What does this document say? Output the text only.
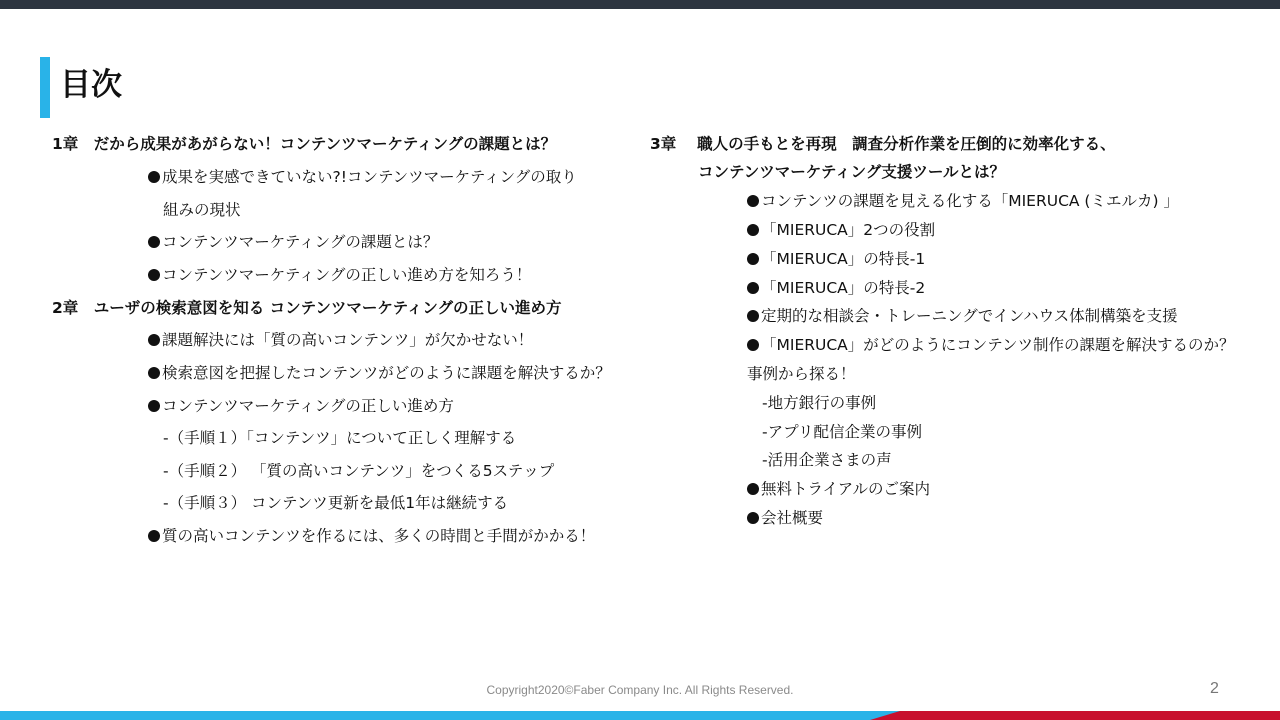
目次
1章　だから成果があがらない！コンテンツマーケティングの課題とは？
成果を実感できていない?!コンテンツマーケティングの取り
組みの現状
コンテンツマーケティングの課題とは？
コンテンツマーケティングの正しい進め方を知ろう！
2章　ユーザの検索意図を知る コンテンツマーケティングの正しい進め方
課題解決には「質の高いコンテンツ」が欠かせない！
検索意図を把握したコンテンツがどのように課題を解決するか？
コンテンツマーケティングの正しい進め方
-（手順１）「コンテンツ」について正しく理解する
-（手順２） 「質の高いコンテンツ」をつくる5ステップ
-（手順３） コンテンツ更新を最低1年は継続する
質の高いコンテンツを作るには、多くの時間と手間がかかる！
3章　 職人の手もとを再現　調査分析作業を圧倒的に効率化する、
コンテンツマーケティング支援ツールとは？
コンテンツの課題を見える化する「MIERUCA (ミエルカ) 」
「MIERUCA」2つの役割
「MIERUCA」の特長-1
「MIERUCA」の特長-2
定期的な相談会・トレーニングでインハウス体制構築を支援
「MIERUCA」がどのようにコンテンツ制作の課題を解決するのか？
事例から探る！
-地方銀行の事例
-アプリ配信企業の事例
-活用企業さまの声
無料トライアルのご案内
会社概要
Copyright2020©Faber Company Inc. All Rights Reserved.	2
